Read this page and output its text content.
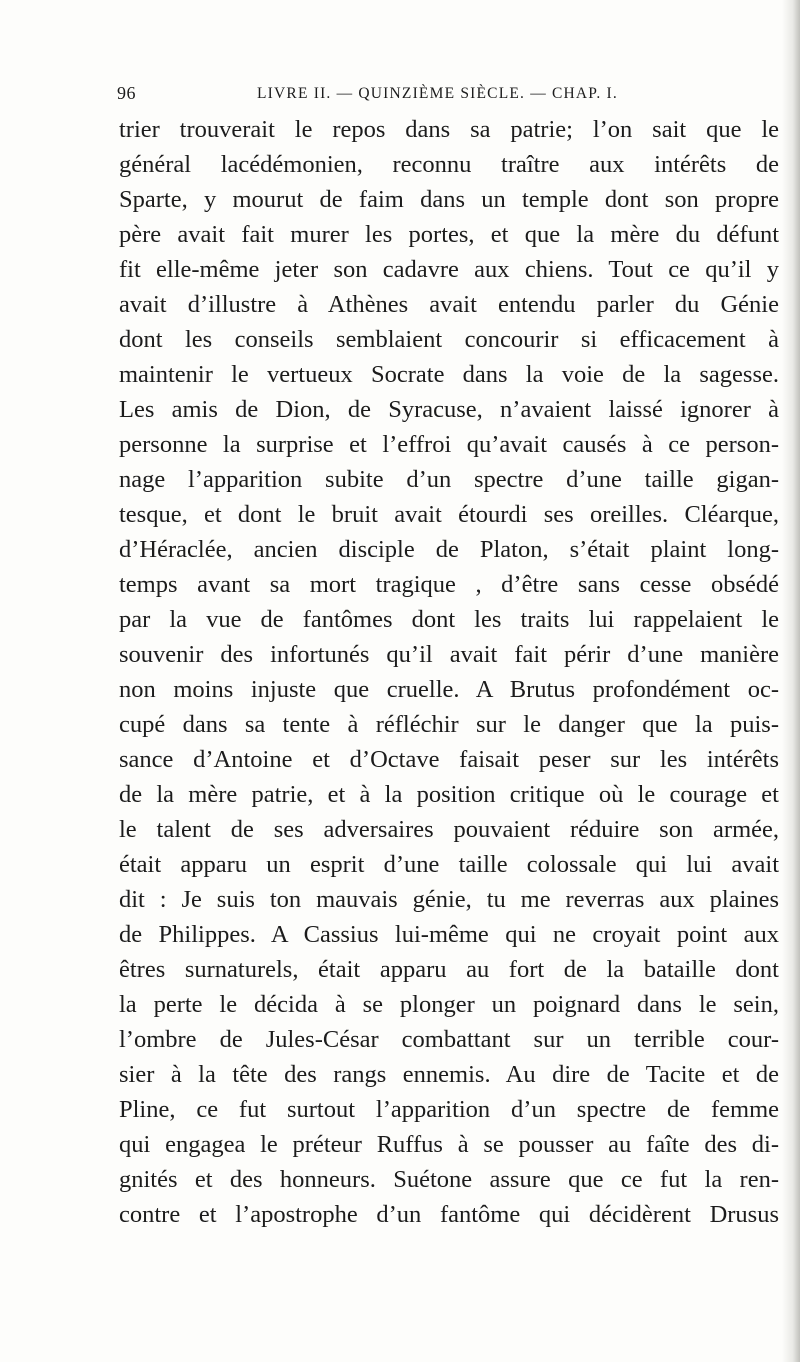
96	LIVRE II. — QUINZIÈME SIÈCLE. — CHAP. I.
trier trouverait le repos dans sa patrie; l’on sait que le
général lacédémonien, reconnu traître aux intérêts de
Sparte, y mourut de faim dans un temple dont son propre
père avait fait murer les portes, et que la mère du défunt
fit elle-même jeter son cadavre aux chiens. Tout ce qu’il y
avait d’illustre à Athènes avait entendu parler du Génie
dont les conseils semblaient concourir si efficacement à
maintenir le vertueux Socrate dans la voie de la sagesse.
Les amis de Dion, de Syracuse, n’avaient laissé ignorer à
personne la surprise et l’effroi qu’avait causés à ce person-
nage l’apparition subite d’un spectre d’une taille gigan-
tesque, et dont le bruit avait étourdi ses oreilles. Cléarque,
d’Héraclée, ancien disciple de Platon, s’était plaint long-
temps avant sa mort tragique , d’être sans cesse obsédé
par la vue de fantômes dont les traits lui rappelaient le
souvenir des infortunés qu’il avait fait périr d’une manière
non moins injuste que cruelle. A Brutus profondément oc-
cupé dans sa tente à réfléchir sur le danger que la puis-
sance d’Antoine et d’Octave faisait peser sur les intérêts
de la mère patrie, et à la position critique où le courage et
le talent de ses adversaires pouvaient réduire son armée,
était apparu un esprit d’une taille colossale qui lui avait
dit : Je suis ton mauvais génie, tu me reverras aux plaines
de Philippes. A Cassius lui-même qui ne croyait point aux
êtres surnaturels, était apparu au fort de la bataille dont
la perte le décida à se plonger un poignard dans le sein,
l’ombre de Jules-César combattant sur un terrible cour-
sier à la tête des rangs ennemis. Au dire de Tacite et de
Pline, ce fut surtout l’apparition d’un spectre de femme
qui engagea le préteur Ruffus à se pousser au faîte des di-
gnités et des honneurs. Suétone assure que ce fut la ren-
contre et l’apostrophe d’un fantôme qui décidèrent Drusus
